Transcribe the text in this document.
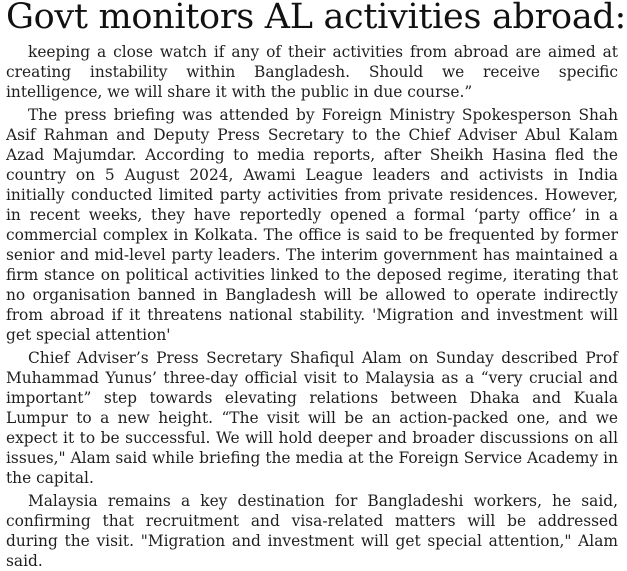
Govt monitors AL activities abroad:

keeping a close watch if any of their activities from abroad are aimed at creating instability within Bangladesh. Should we receive specific intelligence, we will share it with the public in due course.”

The press briefing was attended by Foreign Ministry Spokesperson Shah Asif Rahman and Deputy Press Secretary to the Chief Adviser Abul Kalam Azad Majumdar. According to media reports, after Sheikh Hasina fled the country on 5 August 2024, Awami League leaders and activists in India initially conducted limited party activities from private residences. However, in recent weeks, they have reportedly opened a formal ‘party office’ in a commercial complex in Kolkata. The office is said to be frequented by former senior and mid-level party leaders. The interim government has maintained a firm stance on political activities linked to the deposed regime, iterating that no organisation banned in Bangladesh will be allowed to operate indirectly from abroad if it threatens national stability. 'Migration and investment will get special attention'

Chief Adviser’s Press Secretary Shafiqul Alam on Sunday described Prof Muhammad Yunus’ three-day official visit to Malaysia as a “very crucial and important” step towards elevating relations between Dhaka and Kuala Lumpur to a new height. “The visit will be an action-packed one, and we expect it to be successful. We will hold deeper and broader discussions on all issues," Alam said while briefing the media at the Foreign Service Academy in the capital.

Malaysia remains a key destination for Bangladeshi workers, he said, confirming that recruitment and visa-related matters will be addressed during the visit. "Migration and investment will get special attention," Alam said.
